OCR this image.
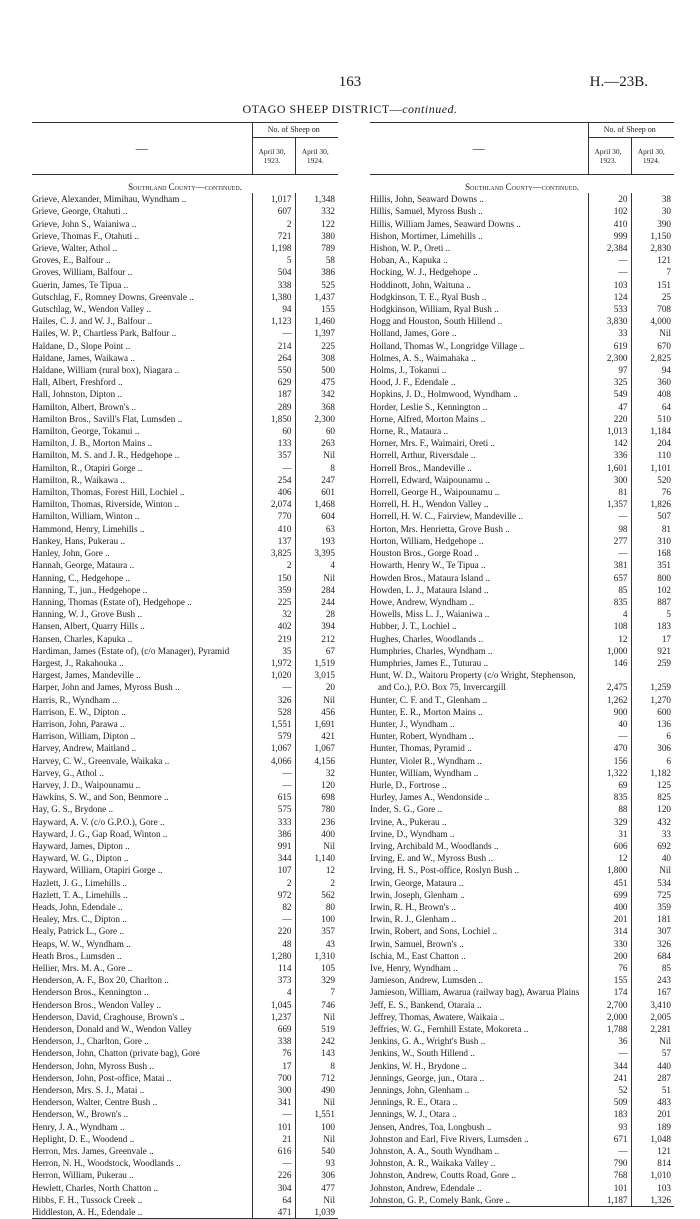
163	H.—23B.
OTAGO SHEEP DISTRICT—continued.
—	No. of Sheep on	
	April 30, 1923.	April 30, 1924.
Southland County—continued.		
Grieve, Alexander, Mimihau, Wyndham ..	1,017	1,348
Grieve, George, Otahuti ..	607	332
Grieve, John S., Waianiwa ..	2	122
Grieve, Thomas F., Otahuti ..	721	380
Grieve, Walter, Athol ..	1,198	789
Groves, E., Balfour ..	5	58
Groves, William, Balfour ..	504	386
Guerin, James, Te Tipua ..	338	525
Gutschlag, F., Romney Downs, Greenvale ..	1,380	1,437
Gutschlag, W., Wendon Valley ..	94	155
Hailes, C. J. and W. J., Balfour ..	1,123	1,460
Hailes, W. P., Chartless Park, Balfour ..	—	1,397
Haldane, D., Slope Point ..	214	225
Haldane, James, Waikawa ..	264	308
Haldane, William (rural box), Niagara ..	550	500
Hall, Albert, Freshford ..	629	475
Hall, Johnston, Dipton ..	187	342
Hamilton, Albert, Brown's ..	289	368
Hamilton Bros., Savill's Flat, Lumsden ..	1,850	2,300
Hamilton, George, Tokanui ..	60	60
Hamilton, J. B., Morton Mains ..	133	263
Hamilton, M. S. and J. R., Hedgehope ..	357	Nil
Hamilton, R., Otapiri Gorge ..	—	8
Hamilton, R., Waikawa ..	254	247
Hamilton, Thomas, Forest Hill, Lochiel ..	406	601
Hamilton, Thomas, Riverside, Winton ..	2,074	1,468
Hamilton, William, Winton ..	770	604
Hammond, Henry, Limehills ..	410	63
Hankey, Hans, Pukerau ..	137	193
Hanley, John, Gore ..	3,825	3,395
Hannah, George, Mataura ..	2	4
Hanning, C., Hedgehope ..	150	Nil
Hanning, T., jun., Hedgehope ..	359	284
Hanning, Thomas (Estate of), Hedgehope ..	225	244
Hanning, W. J., Grove Bush ..	32	28
Hansen, Albert, Quarry Hills ..	402	394
Hansen, Charles, Kapuka ..	219	212
Hardiman, James (Estate of), (c/o Manager), Pyramid	35	67
Hargest, J., Rakahouka ..	1,972	1,519
Hargest, James, Mandeville ..	1,020	3,015
Harper, John and James, Myross Bush ..	—	20
Harris, R., Wyndham ..	326	Nil
Harrison, E. W., Dipton ..	528	456
Harrison, John, Parawa ..	1,551	1,691
Harrison, William, Dipton ..	579	421
Harvey, Andrew, Maitland ..	1,067	1,067
Harvey, C. W., Greenvale, Waikaka ..	4,066	4,156
Harvey, G., Athol ..	—	32
Harvey, J. D., Waipounamu ..	—	120
Hawkins, S. W., and Son, Benmore ..	615	698
Hay, G. S., Brydone ..	575	780
Hayward, A. V. (c/o G.P.O.), Gore ..	333	236
Hayward, J. G., Gap Road, Winton ..	386	400
Hayward, James, Dipton ..	991	Nil
Hayward, W. G., Dipton ..	344	1,140
Hayward, William, Otapiri Gorge ..	107	12
Hazlett, J. G., Limehills ..	2	2
Hazlett, T. A., Limehills ..	972	562
Heads, John, Edendale ..	82	80
Healey, Mrs. C., Dipton ..	—	100
Healy, Patrick L., Gore ..	220	357
Heaps, W. W., Wyndham ..	48	43
Heath Bros., Lumsden ..	1,280	1,310
Hellier, Mrs. M. A., Gore ..	114	105
Henderson, A. F., Box 20, Charlton ..	373	329
Henderson Bros., Kennington ..	4	7
Henderson Bros., Wendon Valley ..	1,045	746
Henderson, David, Craghouse, Brown's ..	1,237	Nil
Henderson, Donald and W., Wendon Valley	669	519
Henderson, J., Charlton, Gore ..	338	242
Henderson, John, Chatton (private bag), Gore	76	143
Henderson, John, Myross Bush ..	17	8
Henderson, John, Post-office, Matai ..	700	712
Henderson, Mrs. S. J., Matai ..	300	490
Henderson, Walter, Centre Bush ..	341	Nil
Henderson, W., Brown's ..	—	1,551
Henry, J. A., Wyndham ..	101	100
Heplight, D. E., Woodend ..	21	Nil
Herron, Mrs. James, Greenvale ..	616	540
Herron, N. H., Woodstock, Woodlands ..	—	93
Herron, William, Pukerau ..	226	306
Hewlett, Charles, North Chatton ..	304	477
Hibbs, F. H., Tussock Creek ..	64	Nil
Hiddleston, A. H., Edendale ..	471	1,039
—	No. of Sheep on	
	April 30, 1923.	April 30, 1924.
Southland County—continued.		
Hillis, John, Seaward Downs ..	20	38
Hillis, Samuel, Myross Bush ..	102	30
Hillis, William James, Seaward Downs ..	410	390
Hishon, Mortimer, Limehills ..	999	1,150
Hishon, W. P., Oreti ..	2,384	2,830
Hoban, A., Kapuka ..	—	121
Hocking, W. J., Hedgehope ..	—	7
Hoddinott, John, Waituna ..	103	151
Hodgkinson, T. E., Ryal Bush ..	124	25
Hodgkinson, William, Ryal Bush ..	533	708
Hogg and Houston, South Hillend ..	3,830	4,000
Holland, James, Gore ..	33	Nil
Holland, Thomas W., Longridge Village ..	619	670
Holmes, A. S., Waimahaka ..	2,300	2,825
Holms, J., Tokanui ..	97	94
Hood, J. F., Edendale ..	325	360
Hopkins, J. D., Holmwood, Wyndham ..	549	408
Horder, Leslie S., Kennington ..	47	64
Horne, Alfred, Morton Mains ..	220	510
Horne, R., Mataura ..	1,013	1,184
Horner, Mrs. F., Waimairi, Oreti ..	142	204
Horrell, Arthur, Riversdale ..	336	110
Horrell Bros., Mandeville ..	1,601	1,101
Horrell, Edward, Waipounamu ..	300	520
Horrell, George H., Waipounamu ..	81	76
Horrell, H. H., Wendon Valley ..	1,357	1,826
Horrell, H. W. C., Fairview, Mandeville ..	—	507
Horton, Mrs. Henrietta, Grove Bush ..	98	81
Horton, William, Hedgehope ..	277	310
Houston Bros., Gorge Road ..	—	168
Howarth, Henry W., Te Tipua ..	381	351
Howden Bros., Mataura Island ..	657	800
Howden, L. J., Mataura Island ..	85	102
Howe, Andrew, Wyndham ..	835	887
Howells, Miss L. J., Waianiwa ..	4	5
Hubber, J. T., Lochiel ..	108	183
Hughes, Charles, Woodlands ..	12	17
Humphries, Charles, Wyndham ..	1,000	921
Humphries, James E., Tuturau ..	146	259
Hunt, W. D., Waitoru Property (c/o Wright, Stephenson, and Co.), P.O. Box 75, Invercargill	2,475	1,259
Hunter, C. F. and T., Glenham ..	1,262	1,270
Hunter, E. R., Morton Mains ..	900	600
Hunter, J., Wyndham ..	40	136
Hunter, Robert, Wyndham ..	—	6
Hunter, Thomas, Pyramid ..	470	306
Hunter, Violet R., Wyndham ..	156	6
Hunter, William, Wyndham ..	1,322	1,182
Hurle, D., Fortrose ..	69	125
Hurley, James A., Wendonside ..	835	825
Inder, S. G., Gore ..	88	120
Irvine, A., Pukerau ..	329	432
Irvine, D., Wyndham ..	31	33
Irving, Archibald M., Woodlands ..	606	692
Irving, E. and W., Myross Bush ..	12	40
Irving, H. S., Post-office, Roslyn Bush ..	1,800	Nil
Irwin, George, Mataura ..	451	534
Irwin, Joseph, Glenham ..	699	725
Irwin, R. H., Brown's ..	400	359
Irwin, R. J., Glenham ..	201	181
Irwin, Robert, and Sons, Lochiel ..	314	307
Irwin, Samuel, Brown's ..	330	326
Ischia, M., East Chatton ..	200	684
Ive, Henry, Wyndham ..	76	85
Jamieson, Andrew, Lumsden ..	155	243
Jamieson, William, Awarua (railway bag), Awarua Plains	174	167
Jeff, E. S., Bankend, Otaraia ..	2,700	3,410
Jeffrey, Thomas, Awatere, Waikaia ..	2,000	2,005
Jeffries, W. G., Fernhill Estate, Mokoreta ..	1,788	2,281
Jenkins, G. A., Wright's Bush ..	36	Nil
Jenkins, W., South Hillend ..	—	57
Jenkins, W. H., Brydone ..	344	440
Jennings, George, jun., Otara ..	241	287
Jennings, John, Glenham ..	52	51
Jennings, R. E., Otara ..	509	483
Jennings, W. J., Otara ..	183	201
Jensen, Andres, Toa, Longbush ..	93	189
Johnston and Earl, Five Rivers, Lumsden ..	671	1,048
Johnston, A. A., South Wyndham ..	—	121
Johnston, A. R., Waikaka Valley ..	790	814
Johnston, Andrew, Coutts Road, Gore ..	768	1,010
Johnston, Andrew, Edendale ..	101	103
Johnston, G. P., Comely Bank, Gore ..	1,187	1,326
